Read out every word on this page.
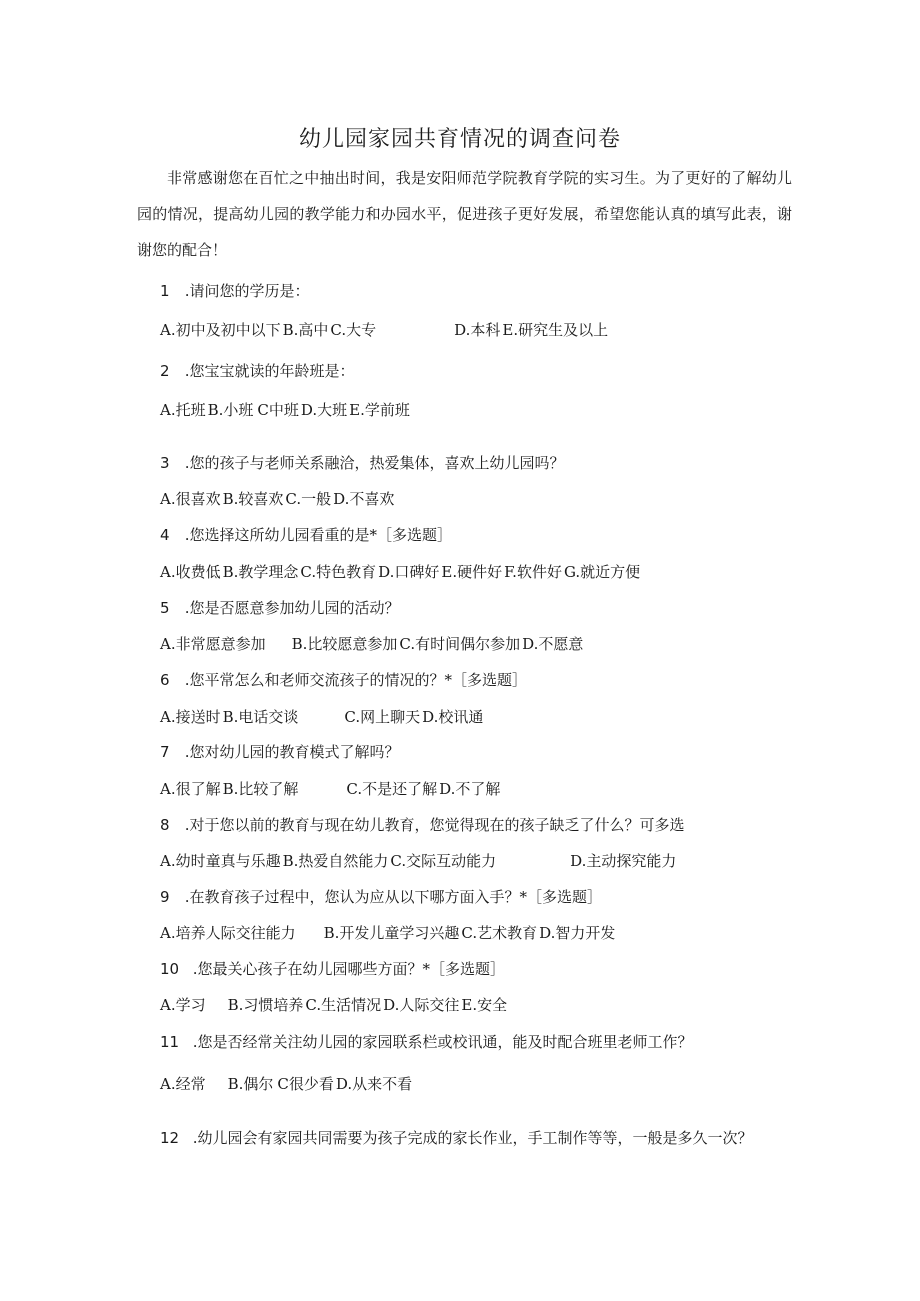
幼儿园家园共育情况的调查问卷
非常感谢您在百忙之中抽出时间，我是安阳师范学院教育学院的实习生。为了更好的了解幼儿园的情况，提高幼儿园的教学能力和办园水平，促进孩子更好发展，希望您能认真的填写此表，谢谢您的配合！
1 .请问您的学历是：
A.初中及初中以下 B.高中 C.大专	D.本科 E.研究生及以上
2 .您宝宝就读的年龄班是：
A.托班 B.小班 C中班 D.大班 E.学前班
3 .您的孩子与老师关系融洽，热爱集体，喜欢上幼儿园吗？
A.很喜欢 B.较喜欢 C.一般 D.不喜欢
4 .您选择这所幼儿园看重的是*［多选题］
A.收费低 B.教学理念 C.特色教育 D.口碑好 E.硬件好 F.软件好 G.就近方便
5 .您是否愿意参加幼儿园的活动？
A.非常愿意参加 B.比较愿意参加 C.有时间偶尔参加 D.不愿意
6 .您平常怎么和老师交流孩子的情况的？*［多选题］
A.接送时 B.电话交谈	C.网上聊天 D.校讯通
7 .您对幼儿园的教育模式了解吗？
A.很了解 B.比较了解	C.不是还了解 D.不了解
8 .对于您以前的教育与现在幼儿教育，您觉得现在的孩子缺乏了什么？可多选
A.幼时童真与乐趣 B.热爱自然能力 C.交际互动能力	D.主动探究能力
9 .在教育孩子过程中，您认为应从以下哪方面入手？*［多选题］
A.培养人际交往能力 B.开发儿童学习兴趣 C.艺术教育 D.智力开发
10 .您最关心孩子在幼儿园哪些方面？*［多选题］
A.学习 B.习惯培养 C.生活情况 D.人际交往 E.安全
11 .您是否经常关注幼儿园的家园联系栏或校讯通，能及时配合班里老师工作？
A.经常 B.偶尔 C很少看 D.从来不看
12 .幼儿园会有家园共同需要为孩子完成的家长作业，手工制作等等，一般是多久一次？
